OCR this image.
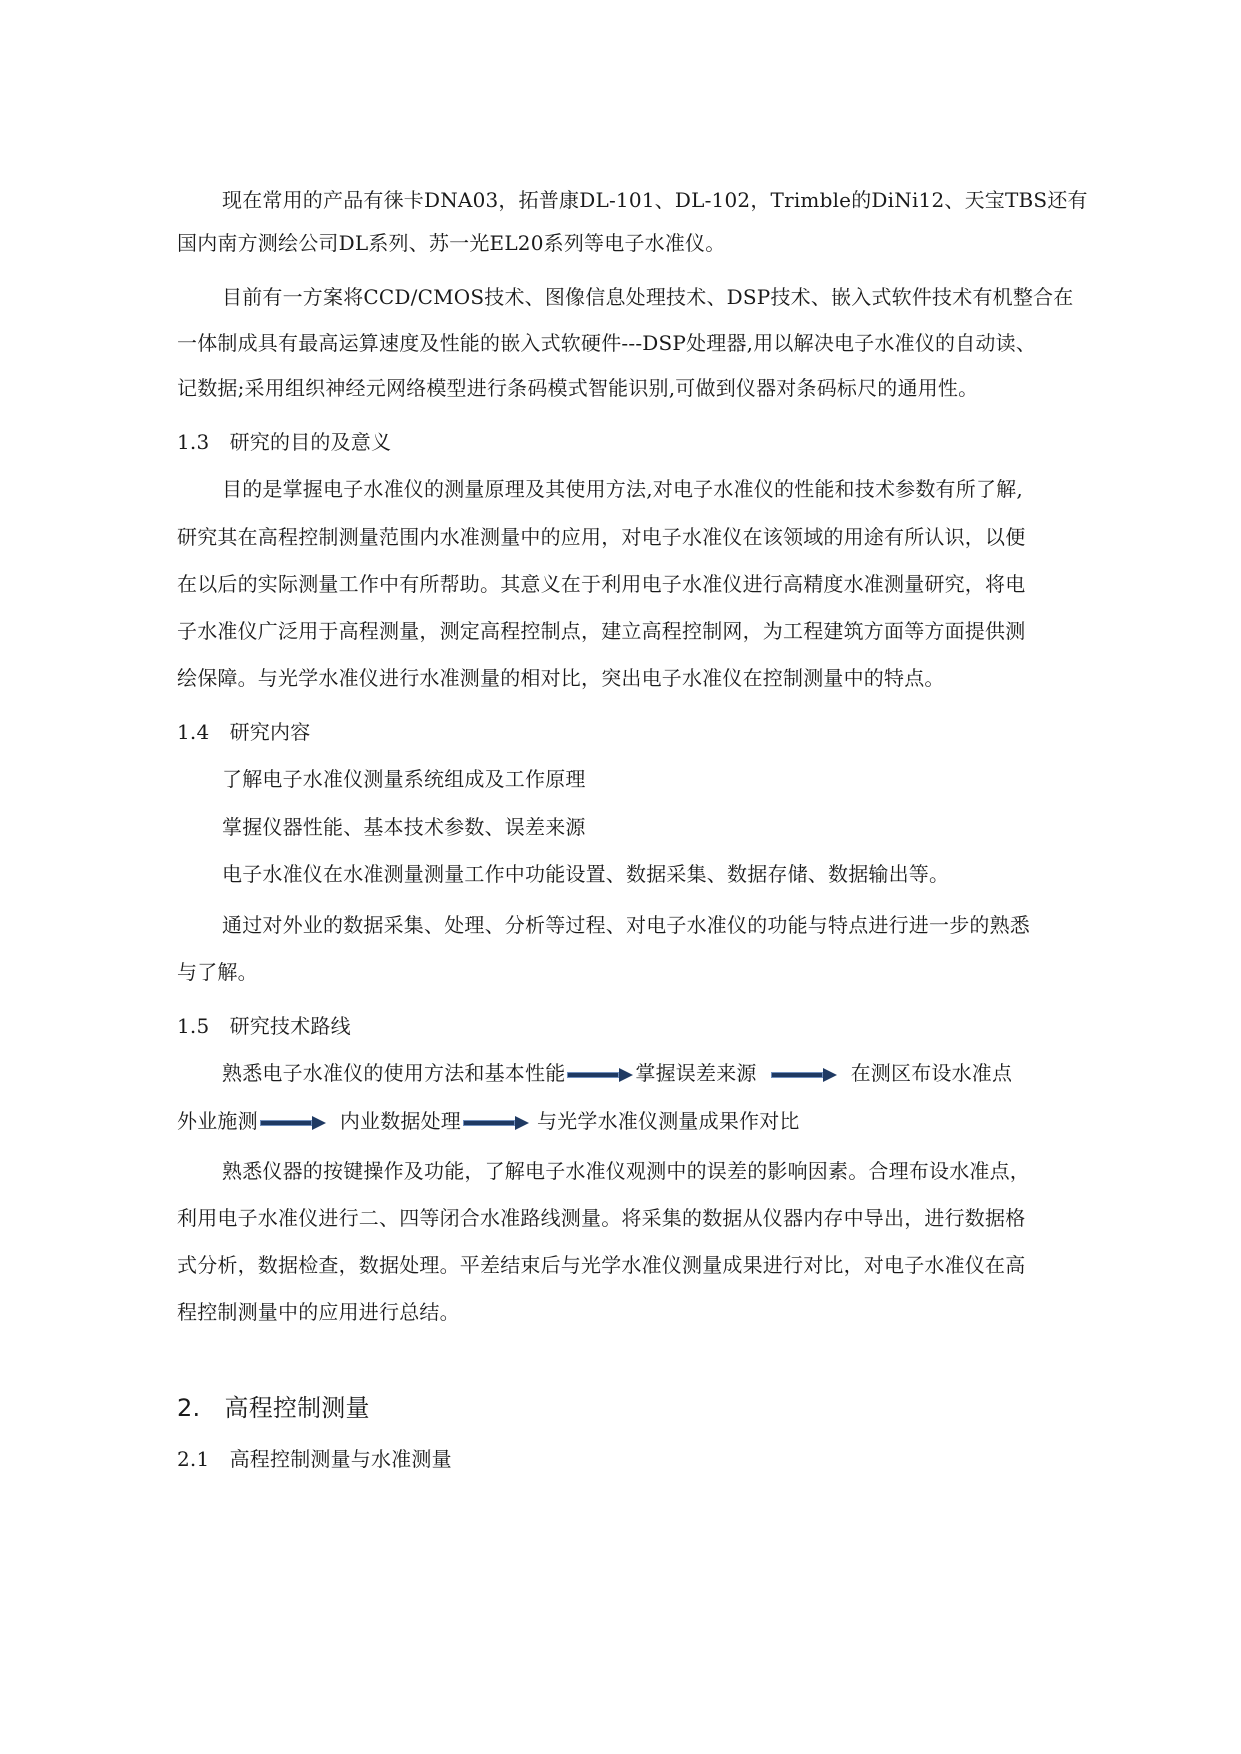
现在常用的产品有徕卡DNA03，拓普康DL-101、DL-102，Trimble的DiNi12、天宝TBS还有
国内南方测绘公司DL系列、苏一光EL20系列等电子水准仪。
目前有一方案将CCD/CMOS技术、图像信息处理技术、DSP技术、嵌入式软件技术有机整合在
一体制成具有最高运算速度及性能的嵌入式软硬件---DSP处理器,用以解决电子水准仪的自动读、
记数据;采用组织神经元网络模型进行条码模式智能识别,可做到仪器对条码标尺的通用性。
1.3　研究的目的及意义
目的是掌握电子水准仪的测量原理及其使用方法,对电子水准仪的性能和技术参数有所了解,
研究其在高程控制测量范围内水准测量中的应用，对电子水准仪在该领域的用途有所认识，以便
在以后的实际测量工作中有所帮助。其意义在于利用电子水准仪进行高精度水准测量研究，将电
子水准仪广泛用于高程测量，测定高程控制点，建立高程控制网，为工程建筑方面等方面提供测
绘保障。与光学水准仪进行水准测量的相对比，突出电子水准仪在控制测量中的特点。
1.4　研究内容
了解电子水准仪测量系统组成及工作原理
掌握仪器性能、基本技术参数、误差来源
电子水准仪在水准测量测量工作中功能设置、数据采集、数据存储、数据输出等。
通过对外业的数据采集、处理、分析等过程、对电子水准仪的功能与特点进行进一步的熟悉
与了解。
1.5　研究技术路线
熟悉电子水准仪的使用方法和基本性能	掌握误差来源	在测区布设水准点
外业施测	内业数据处理	与光学水准仪测量成果作对比
熟悉仪器的按键操作及功能，了解电子水准仪观测中的误差的影响因素。合理布设水准点，
利用电子水准仪进行二、四等闭合水准路线测量。将采集的数据从仪器内存中导出，进行数据格
式分析，数据检查，数据处理。平差结束后与光学水准仪测量成果进行对比，对电子水准仪在高
程控制测量中的应用进行总结。
2.　高程控制测量
2.1　高程控制测量与水准测量
